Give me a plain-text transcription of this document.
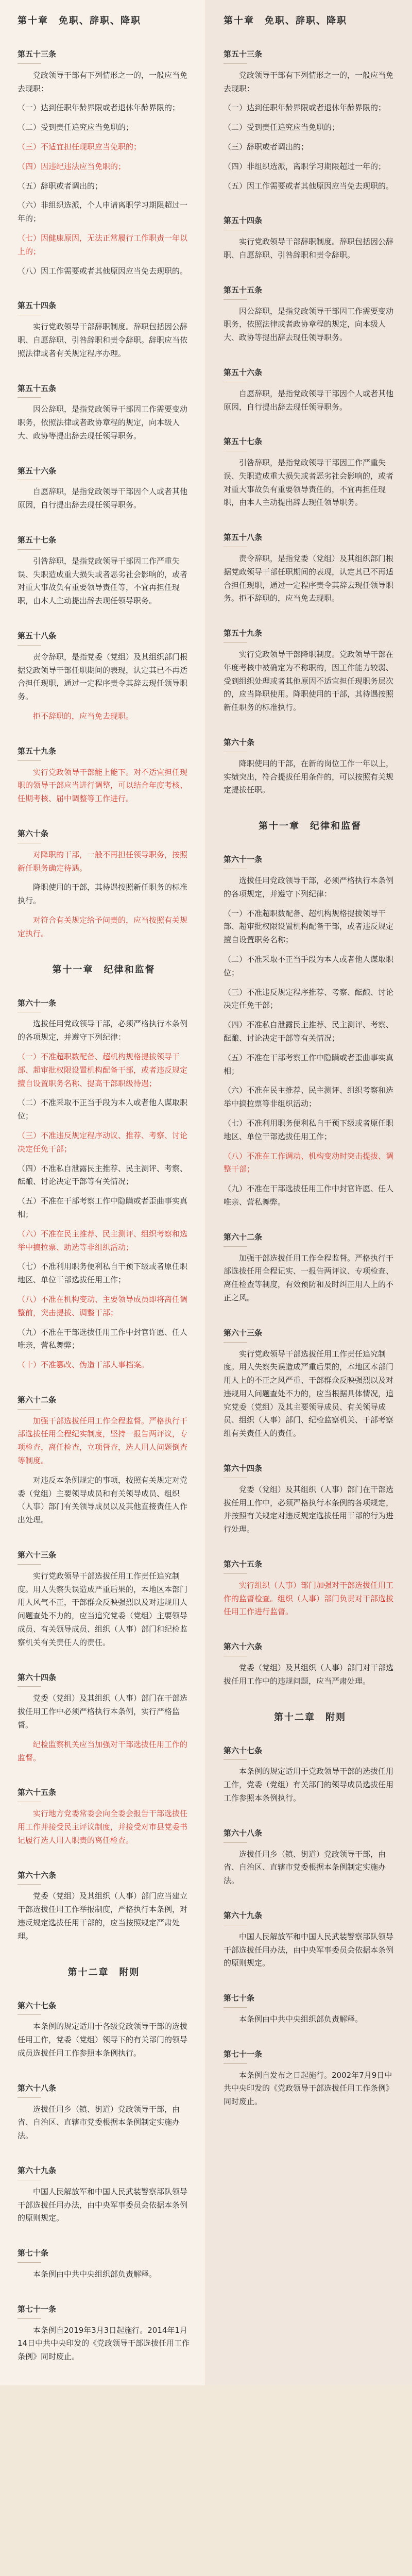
第十章　免职、辞职、降职
第五十三条

党政领导干部有下列情形之一的，一般应当免去现职：

（一）达到任职年龄界限或者退休年龄界限的；

（二）受到责任追究应当免职的；

（三）不适宜担任现职应当免职的；

（四）因违纪违法应当免职的；

（五）辞职或者调出的；

（六）非组织选派，个人申请离职学习期限超过一年的；

（七）因健康原因，无法正常履行工作职责一年以上的；

（八）因工作需要或者其他原因应当免去现职的。

第五十四条

实行党政领导干部辞职制度。辞职包括因公辞职、自愿辞职、引咎辞职和责令辞职。辞职应当依照法律或者有关规定程序办理。

第五十五条

因公辞职，是指党政领导干部因工作需要变动职务，依照法律或者政协章程的规定，向本级人大、政协等提出辞去现任领导职务。

第五十六条

自愿辞职，是指党政领导干部因个人或者其他原因，自行提出辞去现任领导职务。

第五十七条

引咎辞职，是指党政领导干部因工作严重失误、失职造成重大损失或者恶劣社会影响的，或者对重大事故负有重要领导责任等，不宜再担任现职，由本人主动提出辞去现任领导职务。

第五十八条

责令辞职，是指党委（党组）及其组织部门根据党政领导干部任职期间的表现，认定其已不再适合担任现职，通过一定程序责令其辞去现任领导职务。

拒不辞职的，应当免去现职。

第五十九条

实行党政领导干部能上能下。对不适宜担任现职的领导干部应当进行调整，可以结合年度考核、任期考核、届中调整等工作进行。

第六十条

对降职的干部，一般不再担任领导职务，按照新任职务确定待遇。

降职使用的干部，其待遇按照新任职务的标准执行。

对符合有关规定给予问责的，应当按照有关规定执行。

第十一章　纪律和监督
第六十一条

选拔任用党政领导干部，必须严格执行本条例的各项规定，并遵守下列纪律：

（一）不准超职数配备、超机构规格提拔领导干部、超审批权限设置机构配备干部，或者违反规定擅自设置职务名称、提高干部职级待遇；

（二）不准采取不正当手段为本人或者他人谋取职位；

（三）不准违反规定程序动议、推荐、考察、讨论决定任免干部；

（四）不准私自泄露民主推荐、民主测评、考察、酝酿、讨论决定干部等有关情况；

（五）不准在干部考察工作中隐瞒或者歪曲事实真相；

（六）不准在民主推荐、民主测评、组织考察和选举中搞拉票、助选等非组织活动；

（七）不准利用职务便利私自干预下级或者原任职地区、单位干部选拔任用工作；

（八）不准在机构变动、主要领导成员即将离任调整前，突击提拔、调整干部；

（九）不准在干部选拔任用工作中封官许愿、任人唯亲，营私舞弊；

（十）不准篡改、伪造干部人事档案。

第六十二条

加强干部选拔任用工作全程监督。严格执行干部选拔任用全程纪实制度，坚持一报告两评议，专项检查，离任检查，立项督查，选人用人问题倒查等制度。

对违反本条例规定的事项，按照有关规定对党委（党组）主要领导成员和有关领导成员、组织（人事）部门有关领导成员以及其他直接责任人作出处理。

第六十三条

实行党政领导干部选拔任用工作责任追究制度。用人失察失误造成严重后果的，本地区本部门用人风气不正，干部群众反映强烈以及对违规用人问题查处不力的，应当追究党委（党组）主要领导成员、有关领导成员、组织（人事）部门和纪检监察机关有关责任人的责任。

第六十四条

党委（党组）及其组织（人事）部门在干部选拔任用工作中必须严格执行本条例，实行严格监督。

纪检监察机关应当加强对干部选拔任用工作的监督。

第六十五条

实行地方党委常委会向全委会报告干部选拔任用工作并接受民主评议制度，并接受对市县党委书记履行选人用人职责的离任检查。

第六十六条

党委（党组）及其组织（人事）部门应当建立干部选拔任用工作举报制度，严格执行本条例，对违反规定选拔任用干部的，应当按照规定严肃处理。

第十二章　附则
第六十七条

本条例的规定适用于各级党政领导干部的选拔任用工作，党委（党组）领导下的有关部门的领导成员选拔任用工作参照本条例执行。

第六十八条

选拔任用乡（镇、街道）党政领导干部，由省、自治区、直辖市党委根据本条例制定实施办法。

第六十九条

中国人民解放军和中国人民武装警察部队领导干部选拔任用办法，由中央军事委员会依据本条例的原则规定。

第七十条

本条例由中共中央组织部负责解释。

第七十一条

本条例自2019年3月3日起施行。2014年1月14日中共中央印发的《党政领导干部选拔任用工作条例》同时废止。

第十章　免职、辞职、降职
第五十三条

党政领导干部有下列情形之一的，一般应当免去现职：

（一）达到任职年龄界限或者退休年龄界限的；

（二）受到责任追究应当免职的；

（三）辞职或者调出的；

（四）非组织选派，离职学习期限超过一年的；

（五）因工作需要或者其他原因应当免去现职的。

第五十四条

实行党政领导干部辞职制度。辞职包括因公辞职、自愿辞职、引咎辞职和责令辞职。

第五十五条

因公辞职，是指党政领导干部因工作需要变动职务，依照法律或者政协章程的规定，向本级人大、政协等提出辞去现任领导职务。

第五十六条

自愿辞职，是指党政领导干部因个人或者其他原因，自行提出辞去现任领导职务。

第五十七条

引咎辞职，是指党政领导干部因工作严重失误、失职造成重大损失或者恶劣社会影响的，或者对重大事故负有重要领导责任的，不宜再担任现职，由本人主动提出辞去现任领导职务。

第五十八条

责令辞职，是指党委（党组）及其组织部门根据党政领导干部任职期间的表现，认定其已不再适合担任现职，通过一定程序责令其辞去现任领导职务。拒不辞职的，应当免去现职。

第五十九条

实行党政领导干部降职制度。党政领导干部在年度考核中被确定为不称职的，因工作能力较弱、受到组织处理或者其他原因不适宜担任现职务层次的，应当降职使用。降职使用的干部，其待遇按照新任职务的标准执行。

第六十条

降职使用的干部，在新的岗位工作一年以上，实绩突出，符合提拔任用条件的，可以按照有关规定提拔任职。

第十一章　纪律和监督
第六十一条

选拔任用党政领导干部，必须严格执行本条例的各项规定，并遵守下列纪律：

（一）不准超职数配备、超机构规格提拔领导干部、超审批权限设置机构配备干部，或者违反规定擅自设置职务名称；

（二）不准采取不正当手段为本人或者他人谋取职位；

（三）不准违反规定程序推荐、考察、酝酿、讨论决定任免干部；

（四）不准私自泄露民主推荐、民主测评、考察、酝酿、讨论决定干部等有关情况；

（五）不准在干部考察工作中隐瞒或者歪曲事实真相；

（六）不准在民主推荐、民主测评、组织考察和选举中搞拉票等非组织活动；

（七）不准利用职务便利私自干预下级或者原任职地区、单位干部选拔任用工作；

（八）不准在工作调动、机构变动时突击提拔、调整干部；

（九）不准在干部选拔任用工作中封官许愿、任人唯亲、营私舞弊。

第六十二条

加强干部选拔任用工作全程监督。严格执行干部选拔任用全程记实、一报告两评议、专项检查、离任检查等制度，有效预防和及时纠正用人上的不正之风。

第六十三条

实行党政领导干部选拔任用工作责任追究制度。用人失察失误造成严重后果的，本地区本部门用人上的不正之风严重、干部群众反映强烈以及对违规用人问题查处不力的，应当根据具体情况，追究党委（党组）及其主要领导成员、有关领导成员、组织（人事）部门、纪检监察机关、干部考察组有关责任人的责任。

第六十四条

党委（党组）及其组织（人事）部门在干部选拔任用工作中，必须严格执行本条例的各项规定，并按照有关规定对违反规定选拔任用干部的行为进行处理。

第六十五条

实行组织（人事）部门加强对干部选拔任用工作的监督检查。组织（人事）部门负责对干部选拔任用工作进行监督。

第六十六条

党委（党组）及其组织（人事）部门对干部选拔任用工作中的违规问题，应当严肃处理。

第十二章　附则
第六十七条

本条例的规定适用于党政领导干部的选拔任用工作，党委（党组）有关部门的领导成员选拔任用工作参照本条例执行。

第六十八条

选拔任用乡（镇、街道）党政领导干部，由省、自治区、直辖市党委根据本条例制定实施办法。

第六十九条

中国人民解放军和中国人民武装警察部队领导干部选拔任用办法，由中央军事委员会依据本条例的原则规定。

第七十条

本条例由中共中央组织部负责解释。

第七十一条

本条例自发布之日起施行。2002年7月9日中共中央印发的《党政领导干部选拔任用工作条例》同时废止。
